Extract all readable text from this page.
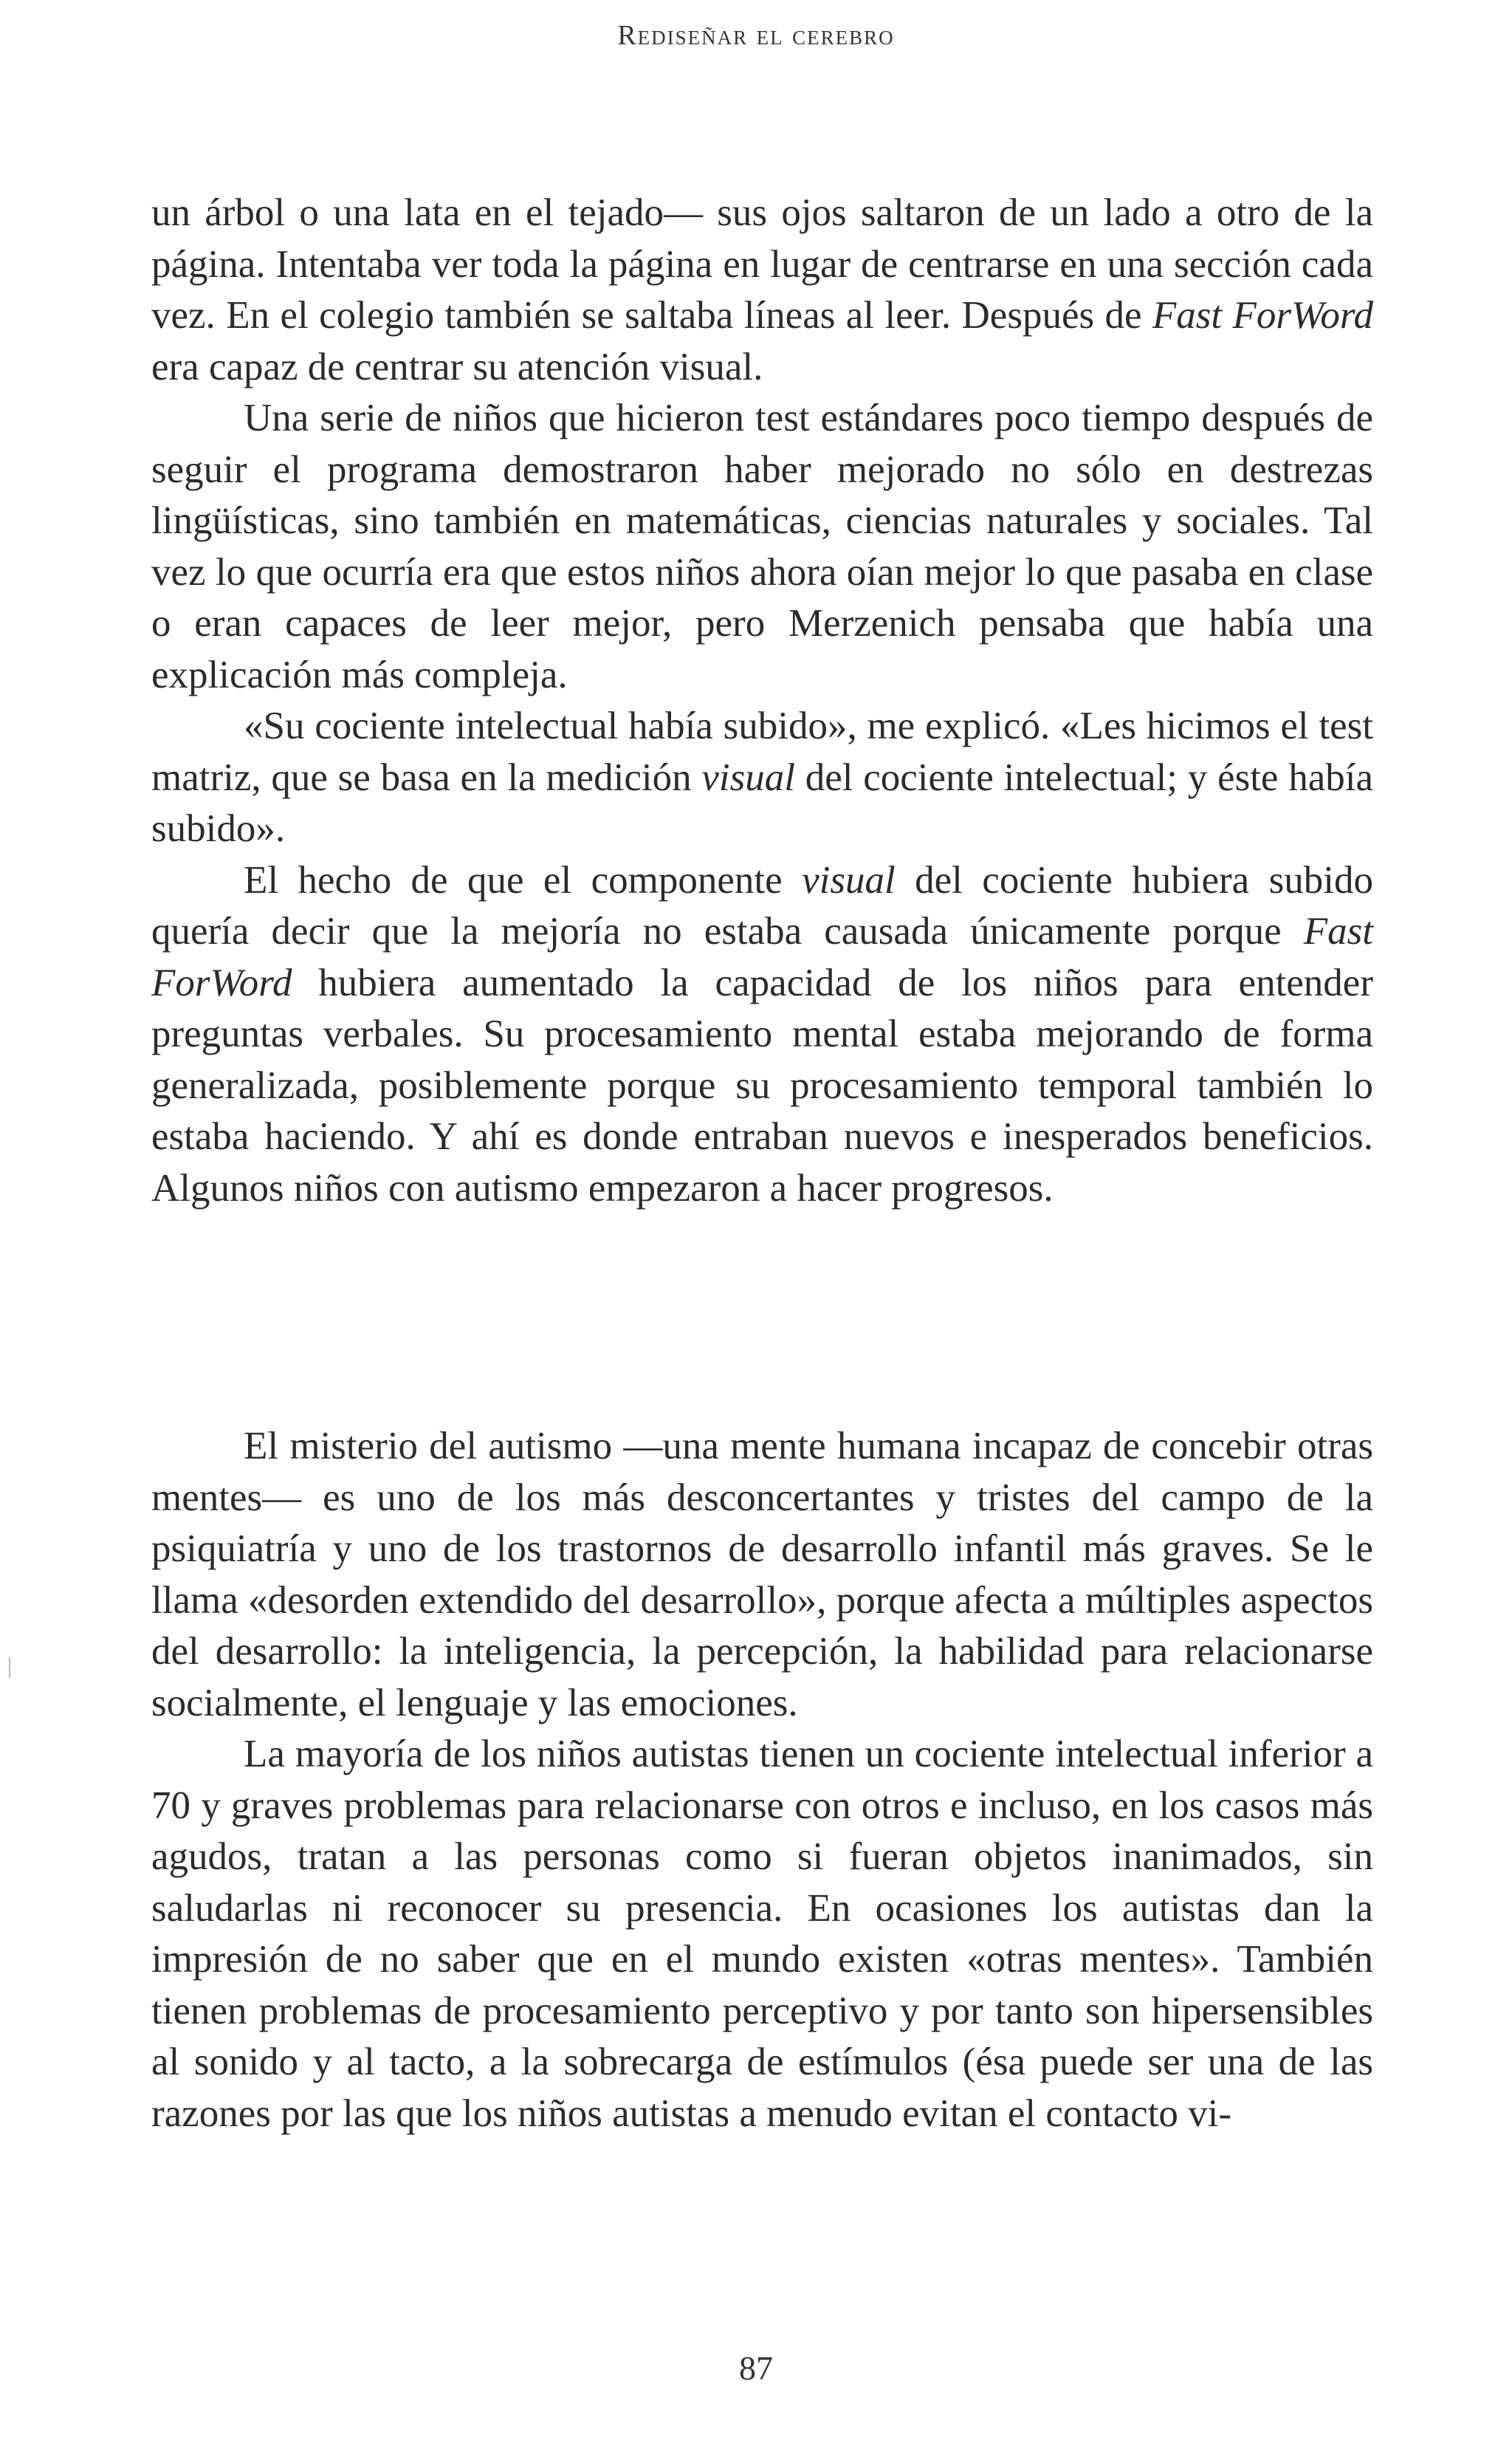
Rediseñar el cerebro

un árbol o una lata en el tejado— sus ojos saltaron de un lado a otro de la página. Intentaba ver toda la página en lugar de centrarse en una sección cada vez. En el colegio también se saltaba líneas al leer. Después de Fast ForWord era capaz de centrar su atención visual.

Una serie de niños que hicieron test estándares poco tiempo después de seguir el programa demostraron haber mejorado no sólo en destrezas lingüísticas, sino también en matemáticas, ciencias naturales y sociales. Tal vez lo que ocurría era que estos niños ahora oían mejor lo que pasaba en clase o eran capaces de leer mejor, pero Merzenich pensaba que había una explicación más compleja.

«Su cociente intelectual había subido», me explicó. «Les hicimos el test matriz, que se basa en la medición visual del cociente intelectual; y éste había subido».

El hecho de que el componente visual del cociente hubiera subido quería decir que la mejoría no estaba causada únicamente porque Fast ForWord hubiera aumentado la capacidad de los niños para entender preguntas verbales. Su procesamiento mental estaba mejorando de forma generalizada, posiblemente porque su procesamiento temporal también lo estaba haciendo. Y ahí es donde entraban nuevos e inesperados beneficios. Algunos niños con autismo empezaron a hacer progresos.

El misterio del autismo —una mente humana incapaz de concebir otras mentes— es uno de los más desconcertantes y tristes del campo de la psiquiatría y uno de los trastornos de desarrollo infantil más graves. Se le llama «desorden extendido del desarrollo», porque afecta a múltiples aspectos del desarrollo: la inteligencia, la percepción, la habilidad para relacionarse socialmente, el lenguaje y las emociones.

La mayoría de los niños autistas tienen un cociente intelectual inferior a 70 y graves problemas para relacionarse con otros e incluso, en los casos más agudos, tratan a las personas como si fueran objetos inanimados, sin saludarlas ni reconocer su presencia. En ocasiones los autistas dan la impresión de no saber que en el mundo existen «otras mentes». También tienen problemas de procesamiento perceptivo y por tanto son hipersensibles al sonido y al tacto, a la sobrecarga de estímulos (ésa puede ser una de las razones por las que los niños autistas a menudo evitan el contacto vi-

87
